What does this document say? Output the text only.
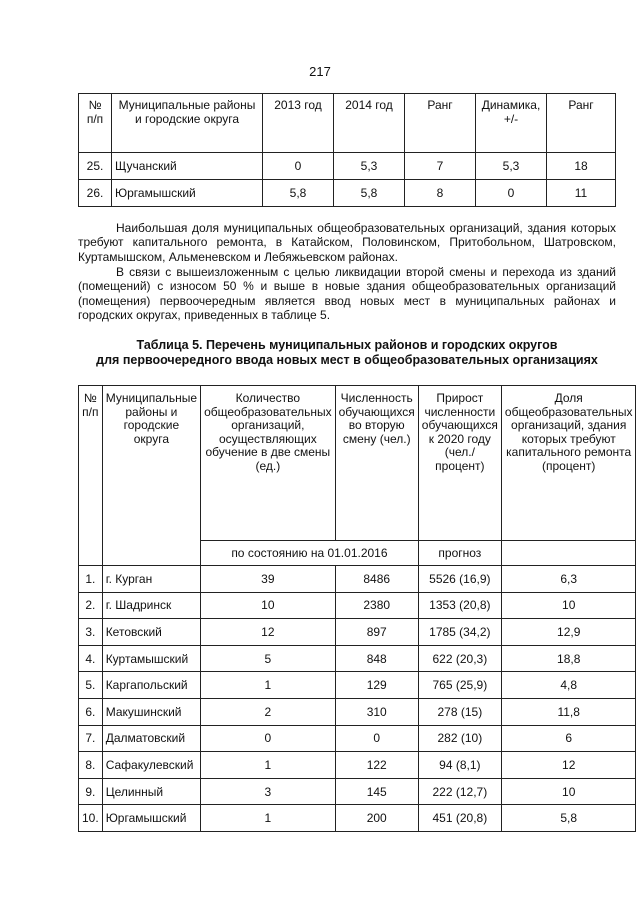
217
№ п/п	Муниципальные районы и городские округа	2013 год	2014 год	Ранг	Динамика, +/-	Ранг
25.	Щучанский	0	5,3	7	5,3	18
26.	Юргамышский	5,8	5,8	8	0	11

Наибольшая доля муниципальных общеобразовательных организаций, здания которых требуют капитального ремонта, в Катайском, Половинском, Притобольном, Шатровском, Куртамышском, Альменевском и Лебяжьевском районах.

В связи с вышеизложенным с целью ликвидации второй смены и перехода из зданий (помещений) с износом 50 % и выше в новые здания общеобразовательных организаций (помещения) первоочередным является ввод новых мест в муниципальных районах и городских округах, приведенных в таблице 5.

Таблица 5. Перечень муниципальных районов и городских округов
для первоочередного ввода новых мест в общеобразовательных организациях
№ п/п	Муниципальные районы и городские округа	Количество общеобразовательных организаций, осуществляющих обучение в две смены (ед.)	Численность обучающихся во вторую смену (чел.)	Прирост численности обучающихся к 2020 году (чел./процент)	Доля общеобразовательных организаций, здания которых требуют капитального ремонта (процент)
		по состоянию на 01.01.2016		прогноз	
1.	г. Курган	39	8486	5526 (16,9)	6,3
2.	г. Шадринск	10	2380	1353 (20,8)	10
3.	Кетовский	12	897	1785 (34,2)	12,9
4.	Куртамышский	5	848	622 (20,3)	18,8
5.	Каргапольский	1	129	765 (25,9)	4,8
6.	Макушинский	2	310	278 (15)	11,8
7.	Далматовский	0	0	282 (10)	6
8.	Сафакулевский	1	122	94 (8,1)	12
9.	Целинный	3	145	222 (12,7)	10
10.	Юргамышский	1	200	451 (20,8)	5,8
